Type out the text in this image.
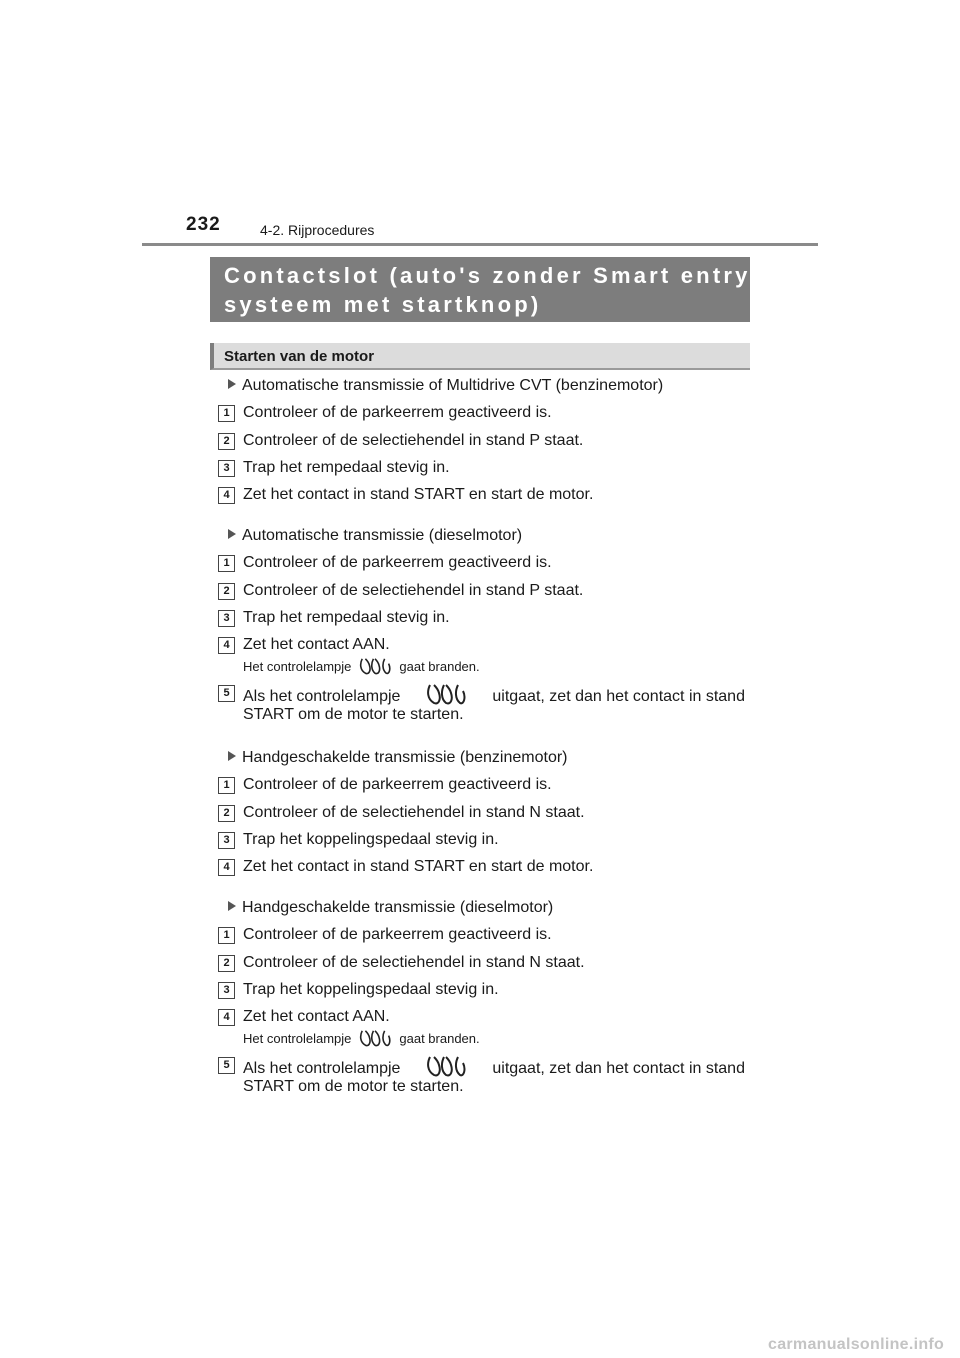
232	4-2. Rijprocedures
Contactslot (auto's zonder Smart entry-
systeem met startknop)
Starten van de motor
Automatische transmissie of Multidrive CVT (benzinemotor)
1 Controleer of de parkeerrem geactiveerd is.
2 Controleer of de selectiehendel in stand P staat.
3 Trap het rempedaal stevig in.
4 Zet het contact in stand START en start de motor.
Automatische transmissie (dieselmotor)
1 Controleer of de parkeerrem geactiveerd is.
2 Controleer of de selectiehendel in stand P staat.
3 Trap het rempedaal stevig in.
4 Zet het contact AAN.
Het controlelampje	gaat branden.
5 Als het controlelampje	uitgaat, zet dan het contact in stand
START om de motor te starten.
Handgeschakelde transmissie (benzinemotor)
1 Controleer of de parkeerrem geactiveerd is.
2 Controleer of de selectiehendel in stand N staat.
3 Trap het koppelingspedaal stevig in.
4 Zet het contact in stand START en start de motor.
Handgeschakelde transmissie (dieselmotor)
1 Controleer of de parkeerrem geactiveerd is.
2 Controleer of de selectiehendel in stand N staat.
3 Trap het koppelingspedaal stevig in.
4 Zet het contact AAN.
Het controlelampje	gaat branden.
5 Als het controlelampje	uitgaat, zet dan het contact in stand
START om de motor te starten.
carmanualsonline.info
